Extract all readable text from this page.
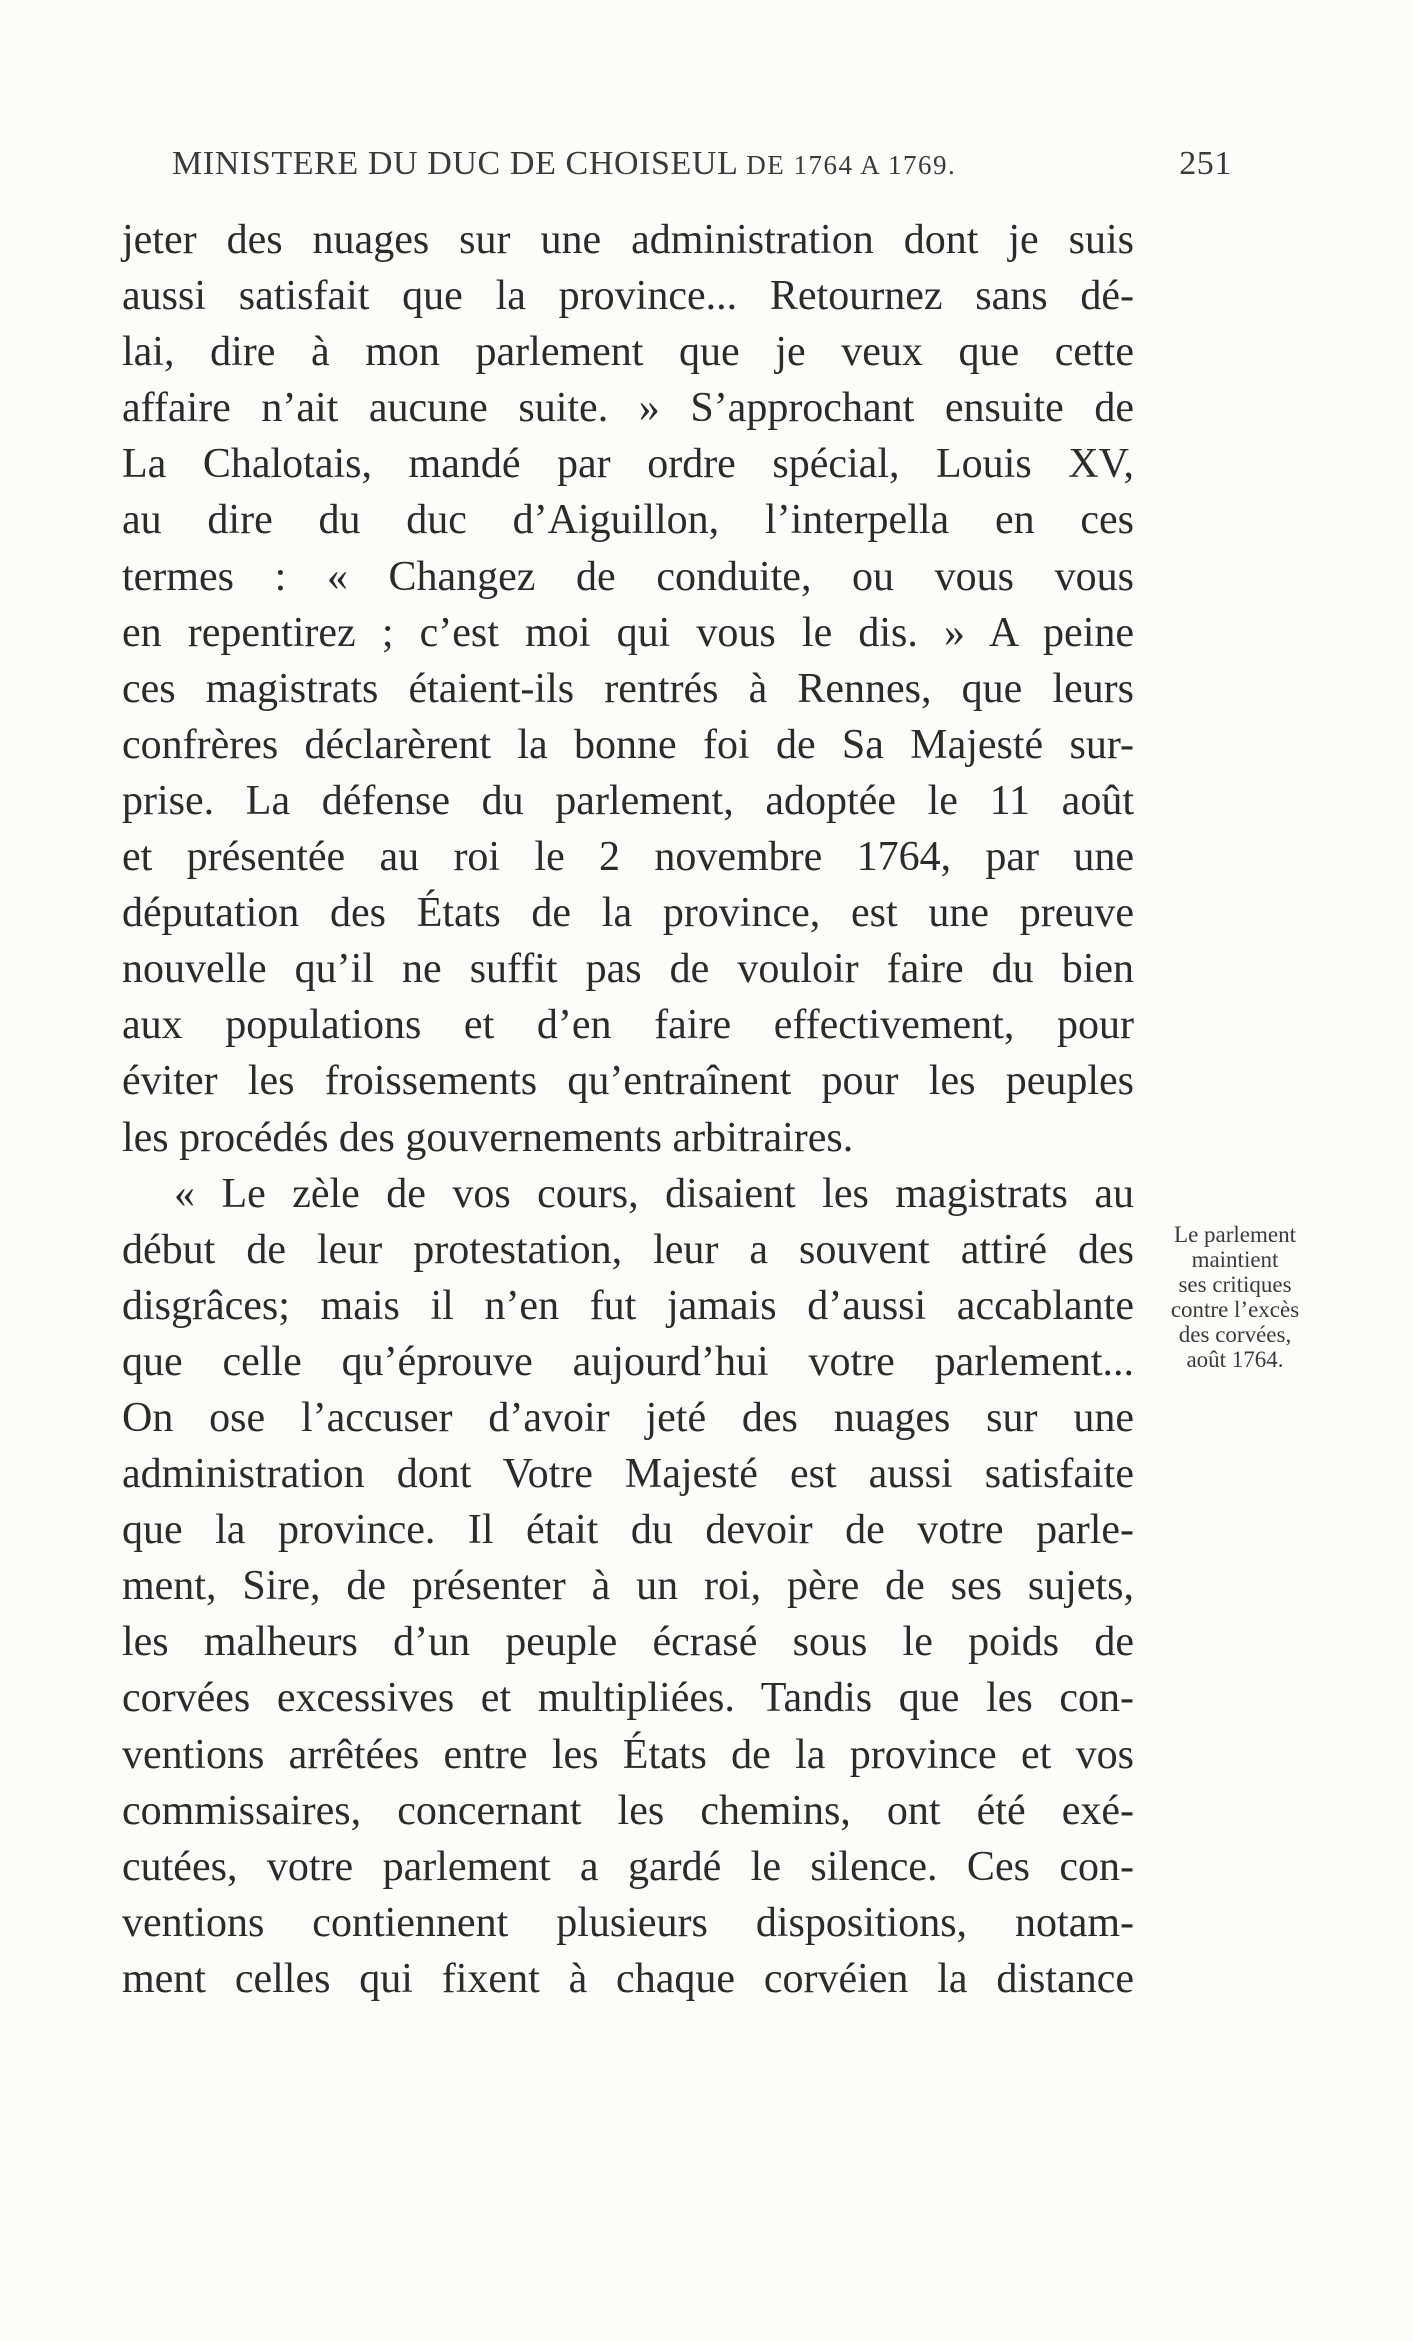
MINISTERE DU DUC DE CHOISEUL DE 1764 A 1769.	251
jeter des nuages sur une administration dont je suis
aussi satisfait que la province... Retournez sans dé-
lai, dire à mon parlement que je veux que cette
affaire n’ait aucune suite. » S’approchant ensuite de
La Chalotais, mandé par ordre spécial, Louis XV,
au dire du duc d’Aiguillon, l’interpella en ces
termes : « Changez de conduite, ou vous vous
en repentirez ; c’est moi qui vous le dis. » A peine
ces magistrats étaient-ils rentrés à Rennes, que leurs
confrères déclarèrent la bonne foi de Sa Majesté sur-
prise. La défense du parlement, adoptée le 11 août
et présentée au roi le 2 novembre 1764, par une
députation des États de la province, est une preuve
nouvelle qu’il ne suffit pas de vouloir faire du bien
aux populations et d’en faire effectivement, pour
éviter les froissements qu’entraînent pour les peuples
les procédés des gouvernements arbitraires.
« Le zèle de vos cours, disaient les magistrats au
début de leur protestation, leur a souvent attiré des
disgrâces; mais il n’en fut jamais d’aussi accablante
que celle qu’éprouve aujourd’hui votre parlement...
On ose l’accuser d’avoir jeté des nuages sur une
administration dont Votre Majesté est aussi satisfaite
que la province. Il était du devoir de votre parle-
ment, Sire, de présenter à un roi, père de ses sujets,
les malheurs d’un peuple écrasé sous le poids de
corvées excessives et multipliées. Tandis que les con-
ventions arrêtées entre les États de la province et vos
commissaires, concernant les chemins, ont été exé-
cutées, votre parlement a gardé le silence. Ces con-
ventions contiennent plusieurs dispositions, notam-
ment celles qui fixent à chaque corvéien la distance
Le parlement
maintient
ses critiques
contre l’excès
des corvées,
août 1764.
